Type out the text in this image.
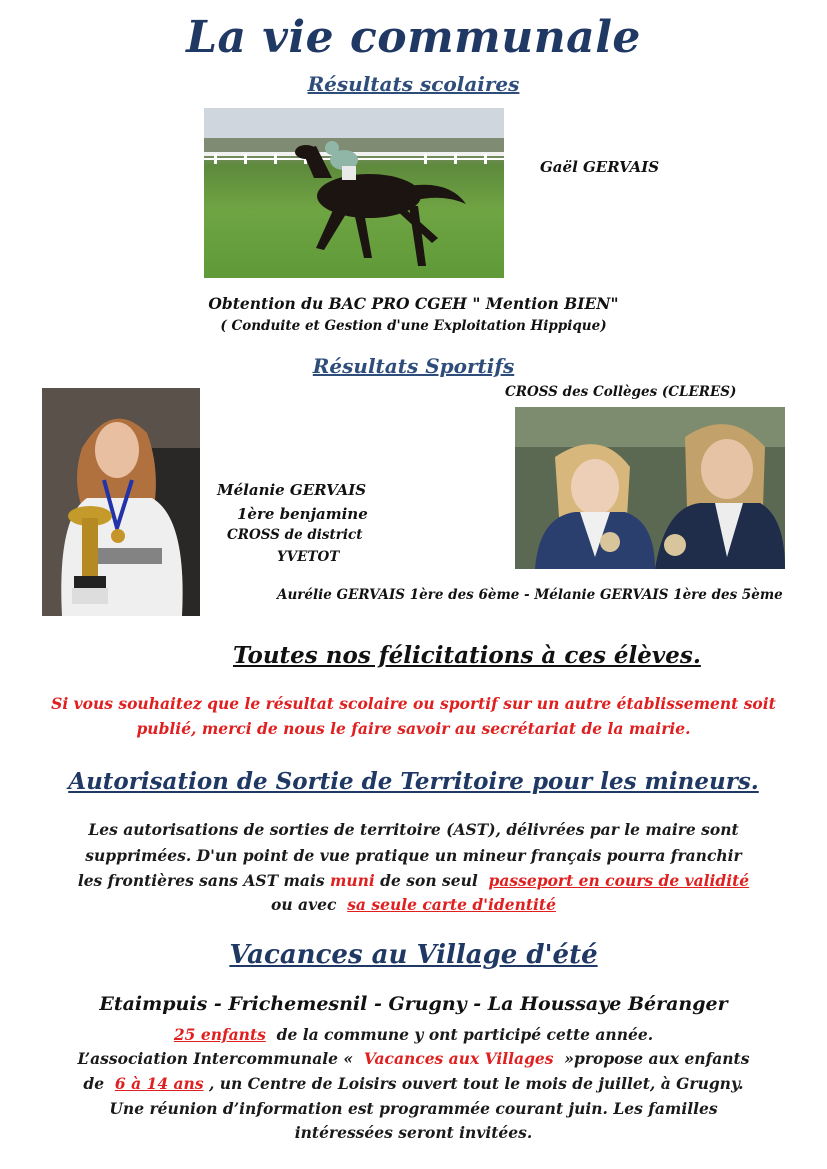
La vie communale
Résultats scolaires
Gaël GERVAIS
Obtention du BAC PRO CGEH " Mention BIEN"
( Conduite et Gestion d'une Exploitation Hippique)
Résultats Sportifs
CROSS des Collèges (CLERES)
Mélanie GERVAIS
1ère benjamine
CROSS de district
YVETOT
Aurélie GERVAIS 1ère des 6ème - Mélanie GERVAIS 1ère des 5ème
Toutes nos félicitations à ces élèves.
Si vous souhaitez que le résultat scolaire ou sportif sur un autre établissement soit
publié, merci de nous le faire savoir au secrétariat de la mairie.
Autorisation de Sortie de Territoire pour les mineurs.
Les autorisations de sorties de territoire (AST), délivrées par le maire sont
supprimées. D'un point de vue pratique un mineur français pourra franchir
les frontières sans AST mais muni de son seul  passeport en cours de validité
ou avec  sa seule carte d'identité
Vacances au Village d'été
Etaimpuis - Frichemesnil - Grugny - La Houssaye Béranger
25 enfants  de la commune y ont participé cette année.
L’association Intercommunale «  Vacances aux Villages  »propose aux enfants
de  6 à 14 ans , un Centre de Loisirs ouvert tout le mois de juillet, à Grugny.
Une réunion d’information est programmée courant juin. Les familles
intéressées seront invitées.
